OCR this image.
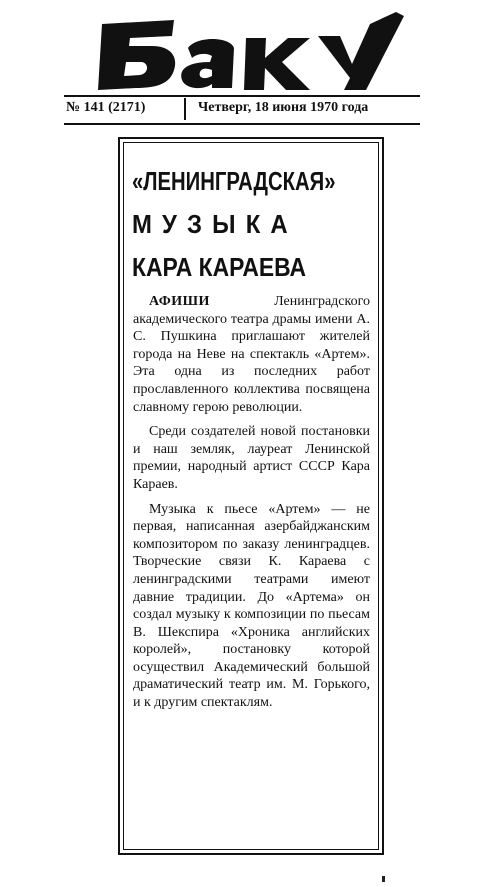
№ 141 (2171)	Четверг, 18 июня 1970 года
«ЛЕНИНГРАДСКАЯ»
МУЗЫКА
КАРА КАРАЕВА

АФИШИ Ленинградского академического театра драмы имени А. С. Пушкина приглашают жителей города на Неве на спектакль «Артем». Эта одна из последних работ прославленного коллектива посвящена славному герою революции.

Среди создателей новой постановки и наш земляк, лауреат Ленинской премии, народный артист СССР Кара Караев.

Музыка к пьесе «Артем» — не первая, написанная азербайджанским композитором по заказу ленинградцев. Творческие связи К. Караева с ленинградскими театрами имеют давние традиции. До «Артема» он создал музыку к композиции по пьесам В. Шекспира «Хроника английских королей», постановку которой осуществил Академический большой драматический театр им. М. Горького, и к другим спектаклям.
